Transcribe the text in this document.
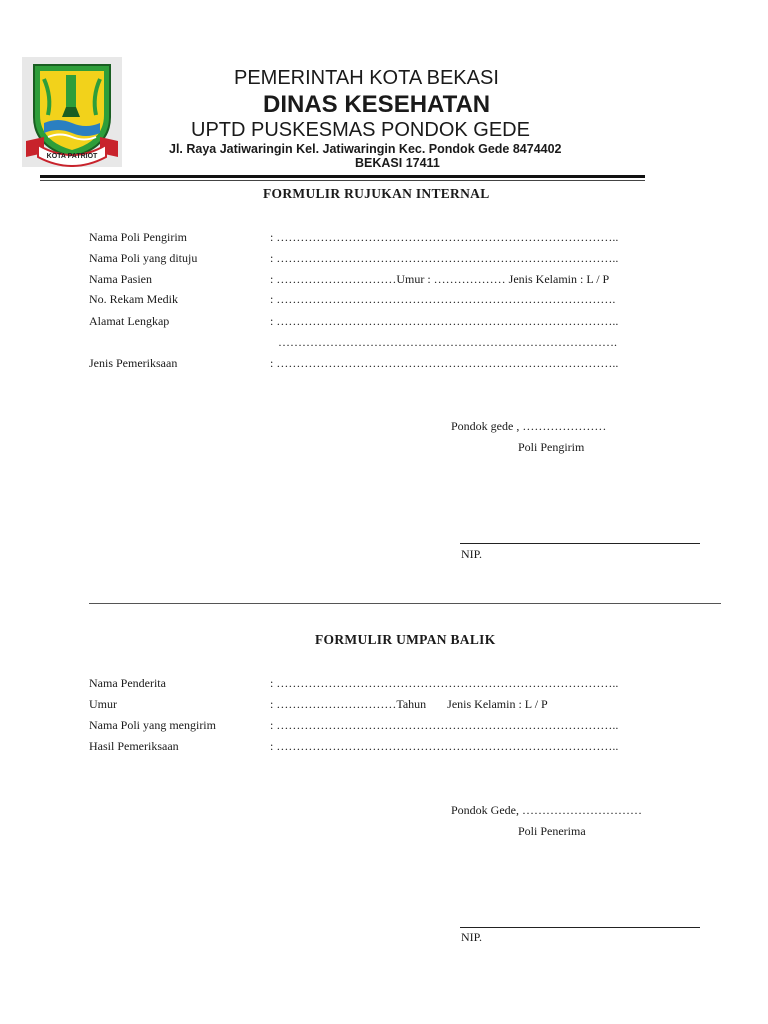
KOTA PATRIOT
PEMERINTAH KOTA BEKASI
DINAS KESEHATAN
UPTD PUSKESMAS PONDOK GEDE
Jl. Raya Jatiwaringin Kel. Jatiwaringin Kec. Pondok Gede 8474402
BEKASI 17411
FORMULIR RUJUKAN INTERNAL
Nama Poli Pengirim	: …………………………………………………………………………..
Nama Poli yang dituju	: …………………………………………………………………………..
Nama Pasien	: …………………………Umur : ……………… Jenis Kelamin : L / P
No. Rekam Medik	: ………………………………………………………………………….
Alamat Lengkap	: …………………………………………………………………………..
………………………………………………………………………….
Jenis Pemeriksaan	: …………………………………………………………………………..
Pondok gede , …………………
Poli Pengirim
NIP.
FORMULIR UMPAN BALIK
Nama Penderita	: …………………………………………………………………………..
Umur	: …………………………Tahun       Jenis Kelamin : L / P
Nama Poli yang mengirim	: …………………………………………………………………………..
Hasil Pemeriksaan	: …………………………………………………………………………..
Pondok Gede, …………………………
Poli Penerima
NIP.
